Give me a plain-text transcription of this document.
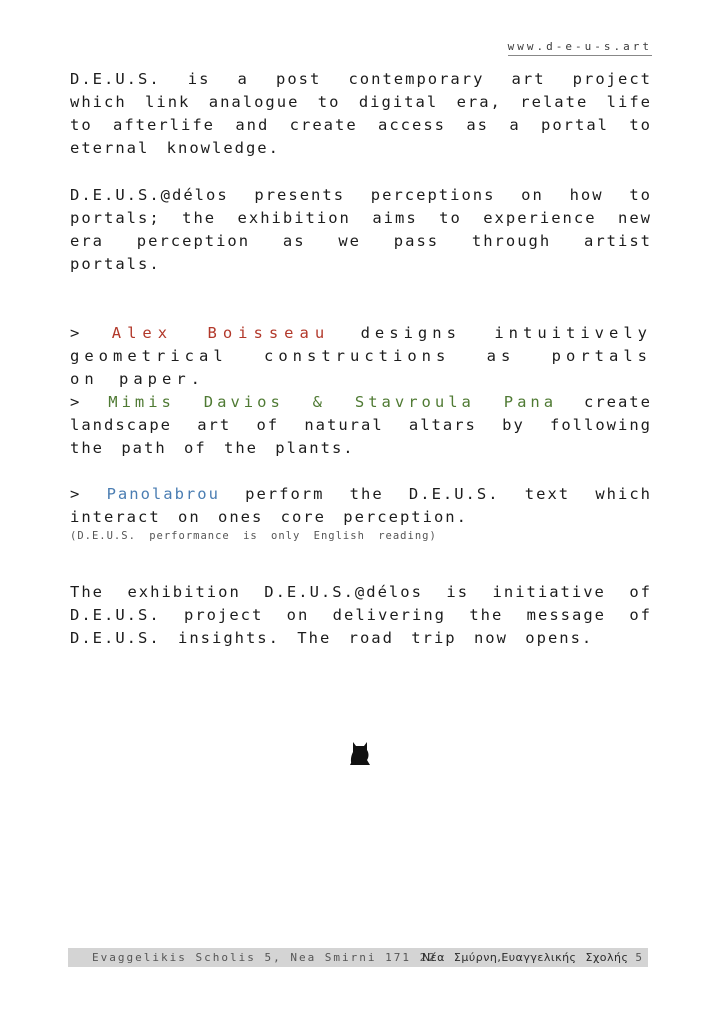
www.d-e-u-s.art

D.E.U.S. is a post contemporary art project which link analogue to digital era, relate life to afterlife and create access as a portal to eternal knowledge.

D.E.U.S.@délos presents perceptions on how to portals; the exhibition aims to experience new era perception as we pass through artist portals.

> Alex Boisseau designs intuitively geometrical constructions as portals on paper.

> Mimis Davios & Stavroula Pana create landscape art of natural altars by following the path of the plants.

> Panolabrou perform the D.E.U.S. text which interact on ones core perception.

(D.E.U.S. performance is only English reading)

The exhibition D.E.U.S.@délos is initiative of D.E.U.S. project on delivering the message of D.E.U.S. insights. The road trip now opens.

Evaggelikis Scholis 5, Nea Smirni 171 22
Νέα Σμύρνη,Ευαγγελικής Σχολής 5
